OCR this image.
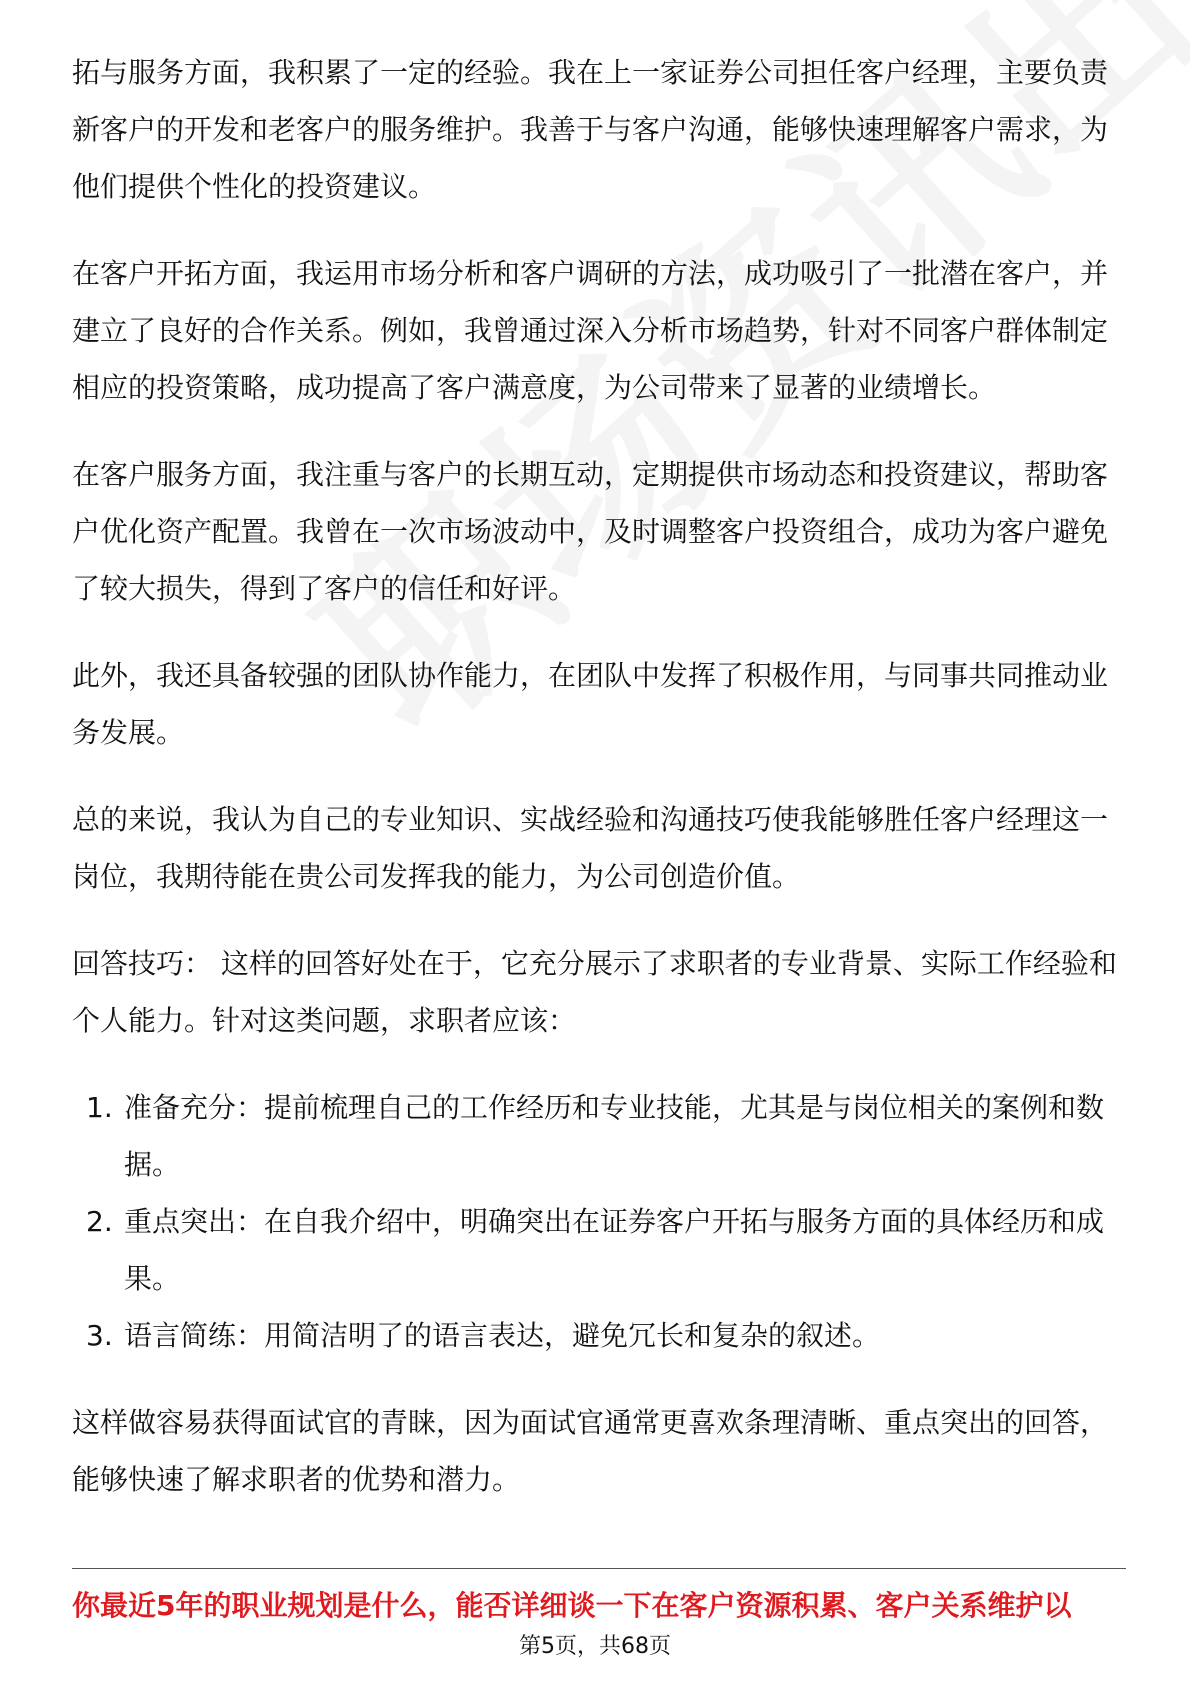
拓与服务方面，我积累了一定的经验。我在上一家证券公司担任客户经理，主要负责新客户的开发和老客户的服务维护。我善于与客户沟通，能够快速理解客户需求，为他们提供个性化的投资建议。

在客户开拓方面，我运用市场分析和客户调研的方法，成功吸引了一批潜在客户，并建立了良好的合作关系。例如，我曾通过深入分析市场趋势，针对不同客户群体制定相应的投资策略，成功提高了客户满意度，为公司带来了显著的业绩增长。

在客户服务方面，我注重与客户的长期互动，定期提供市场动态和投资建议，帮助客户优化资产配置。我曾在一次市场波动中，及时调整客户投资组合，成功为客户避免了较大损失，得到了客户的信任和好评。

此外，我还具备较强的团队协作能力，在团队中发挥了积极作用，与同事共同推动业务发展。

总的来说，我认为自己的专业知识、实战经验和沟通技巧使我能够胜任客户经理这一岗位，我期待能在贵公司发挥我的能力，为公司创造价值。

回答技巧： 这样的回答好处在于，它充分展示了求职者的专业背景、实际工作经验和个人能力。针对这类问题，求职者应该：

1. 准备充分：提前梳理自己的工作经历和专业技能，尤其是与岗位相关的案例和数据。
2. 重点突出：在自我介绍中，明确突出在证券客户开拓与服务方面的具体经历和成果。
3. 语言简练：用简洁明了的语言表达，避免冗长和复杂的叙述。

这样做容易获得面试官的青睐，因为面试官通常更喜欢条理清晰、重点突出的回答，能够快速了解求职者的优势和潜力。

你最近5年的职业规划是什么，能否详细谈一下在客户资源积累、客户关系维护以
第5页，共68页
